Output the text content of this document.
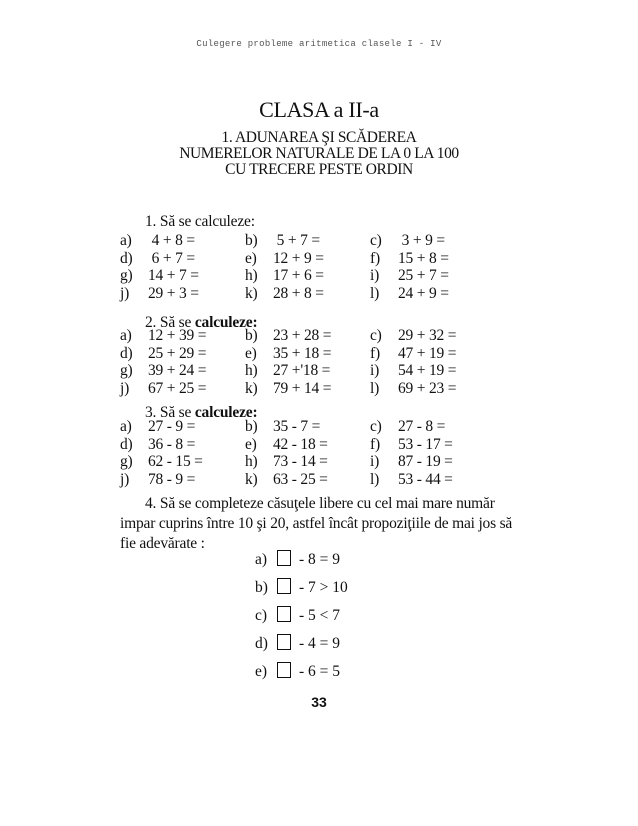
Culegere probleme aritmetica clasele I - IV
CLASA a II-a
1. ADUNAREA ŞI SCĂDEREA
NUMERELOR NATURALE DE LA 0 LA 100
CU TRECERE PESTE ORDIN
1. Să se calculeze:
a) 4 + 8 =	b) 5 + 7 =	c) 3 + 9 =
d) 6 + 7 =	e) 12 + 9 =	f) 15 + 8 =
g) 14 + 7 =	h) 17 + 6 =	i) 25 + 7 =
j) 29 + 3 =	k) 28 + 8 =	l) 24 + 9 =
2. Să se calculeze:
a) 12 + 39 = b) 23 + 28 = c) 29 + 32 =
d) 25 + 29 = e) 35 + 18 = f) 47 + 19 =
g) 39 + 24 = h) 27 +'18 =	i) 54 + 19 =
j) 67 + 25 = k) 79 + 14 = l) 69 + 23 =
3. Să se calculeze:
a) 27 - 9 =	b) 35 - 7 =	c) 27 - 8 =
d) 36 - 8 =	e) 42 - 18 =	f) 53 - 17 =
g) 62 - 15 =	h) 73 - 14 =	i) 87 - 19 =
j) 78 - 9 =	k) 63 - 25 =	l) 53 - 44 =
4. Să se completeze căsuţele libere cu cel mai mare număr impar cuprins între 10 şi 20, astfel încât propoziţiile de mai jos să fie adevărate :
a) - 8 = 9
b) - 7 > 10
c) - 5 < 7
d) - 4 = 9
e) - 6 = 5
33
